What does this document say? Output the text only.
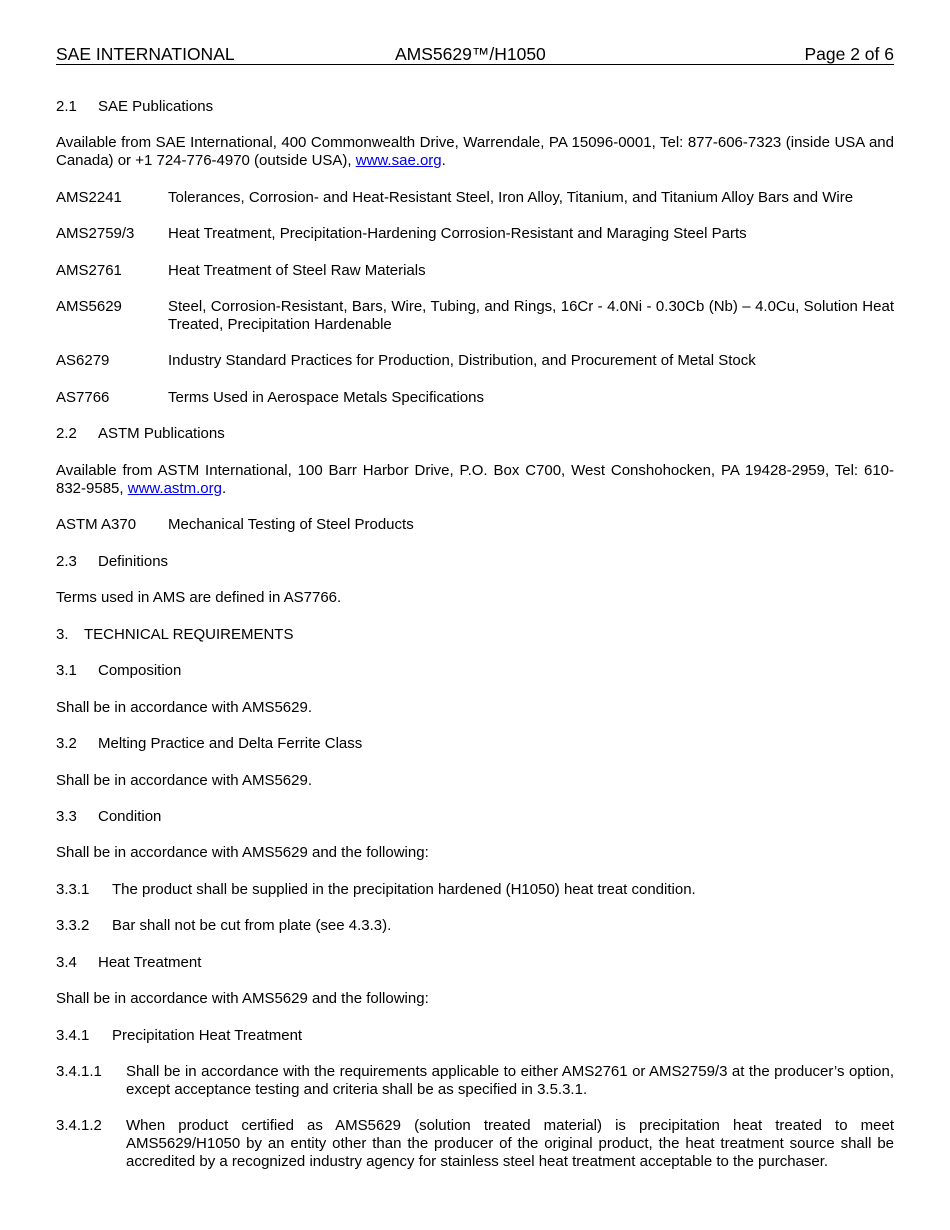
SAE INTERNATIONAL	AMS5629™/H1050	Page 2 of 6
2.1 SAE Publications
Available from SAE International, 400 Commonwealth Drive, Warrendale, PA 15096-0001, Tel: 877-606-7323 (inside USA and Canada) or +1 724-776-4970 (outside USA), www.sae.org.
AMS2241	Tolerances, Corrosion- and Heat-Resistant Steel, Iron Alloy, Titanium, and Titanium Alloy Bars and Wire
AMS2759/3	Heat Treatment, Precipitation-Hardening Corrosion-Resistant and Maraging Steel Parts
AMS2761	Heat Treatment of Steel Raw Materials
AMS5629	Steel, Corrosion-Resistant, Bars, Wire, Tubing, and Rings, 16Cr - 4.0Ni - 0.30Cb (Nb) – 4.0Cu, Solution Heat Treated, Precipitation Hardenable
AS6279	Industry Standard Practices for Production, Distribution, and Procurement of Metal Stock
AS7766	Terms Used in Aerospace Metals Specifications
2.2 ASTM Publications
Available from ASTM International, 100 Barr Harbor Drive, P.O. Box C700, West Conshohocken, PA 19428-2959, Tel: 610-832-9585, www.astm.org.
ASTM A370	Mechanical Testing of Steel Products
2.3 Definitions
Terms used in AMS are defined in AS7766.
3. TECHNICAL REQUIREMENTS
3.1 Composition
Shall be in accordance with AMS5629.
3.2 Melting Practice and Delta Ferrite Class
Shall be in accordance with AMS5629.
3.3 Condition
Shall be in accordance with AMS5629 and the following:
3.3.1 The product shall be supplied in the precipitation hardened (H1050) heat treat condition.
3.3.2 Bar shall not be cut from plate (see 4.3.3).
3.4 Heat Treatment
Shall be in accordance with AMS5629 and the following:
3.4.1 Precipitation Heat Treatment
3.4.1.1	Shall be in accordance with the requirements applicable to either AMS2761 or AMS2759/3 at the producer’s option, except acceptance testing and criteria shall be as specified in 3.5.3.1.
3.4.1.2	When product certified as AMS5629 (solution treated material) is precipitation heat treated to meet AMS5629/H1050 by an entity other than the producer of the original product, the heat treatment source shall be accredited by a recognized industry agency for stainless steel heat treatment acceptable to the purchaser.
